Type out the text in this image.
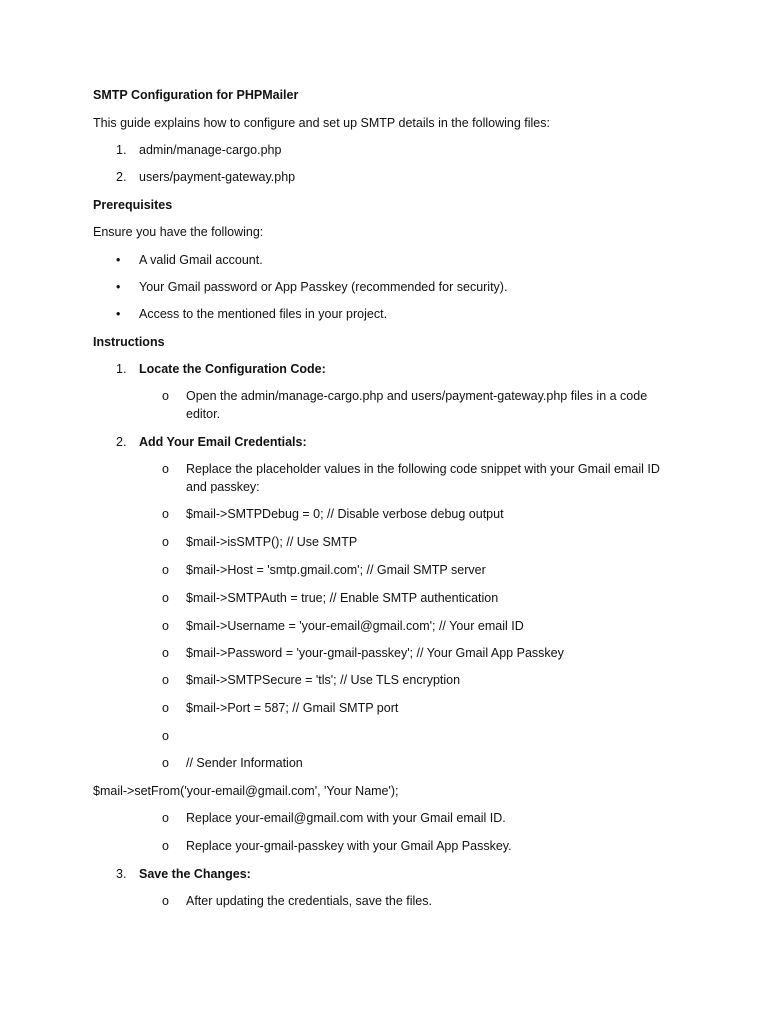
SMTP Configuration for PHPMailer
This guide explains how to configure and set up SMTP details in the following files:
1. admin/manage-cargo.php
2. users/payment-gateway.php
Prerequisites
Ensure you have the following:
• A valid Gmail account.
• Your Gmail password or App Passkey (recommended for security).
• Access to the mentioned files in your project.
Instructions
1. Locate the Configuration Code:
o Open the admin/manage-cargo.php and users/payment-gateway.php files in a code editor.
2. Add Your Email Credentials:
o Replace the placeholder values in the following code snippet with your Gmail email ID and passkey:
o $mail->SMTPDebug = 0; // Disable verbose debug output
o $mail->isSMTP(); // Use SMTP
o $mail->Host = 'smtp.gmail.com'; // Gmail SMTP server
o $mail->SMTPAuth = true; // Enable SMTP authentication
o $mail->Username = 'your-email@gmail.com'; // Your email ID
o $mail->Password = 'your-gmail-passkey'; // Your Gmail App Passkey
o $mail->SMTPSecure = 'tls'; // Use TLS encryption
o $mail->Port = 587; // Gmail SMTP port
o
o // Sender Information
$mail->setFrom('your-email@gmail.com', 'Your Name');
o Replace your-email@gmail.com with your Gmail email ID.
o Replace your-gmail-passkey with your Gmail App Passkey.
3. Save the Changes:
o After updating the credentials, save the files.
